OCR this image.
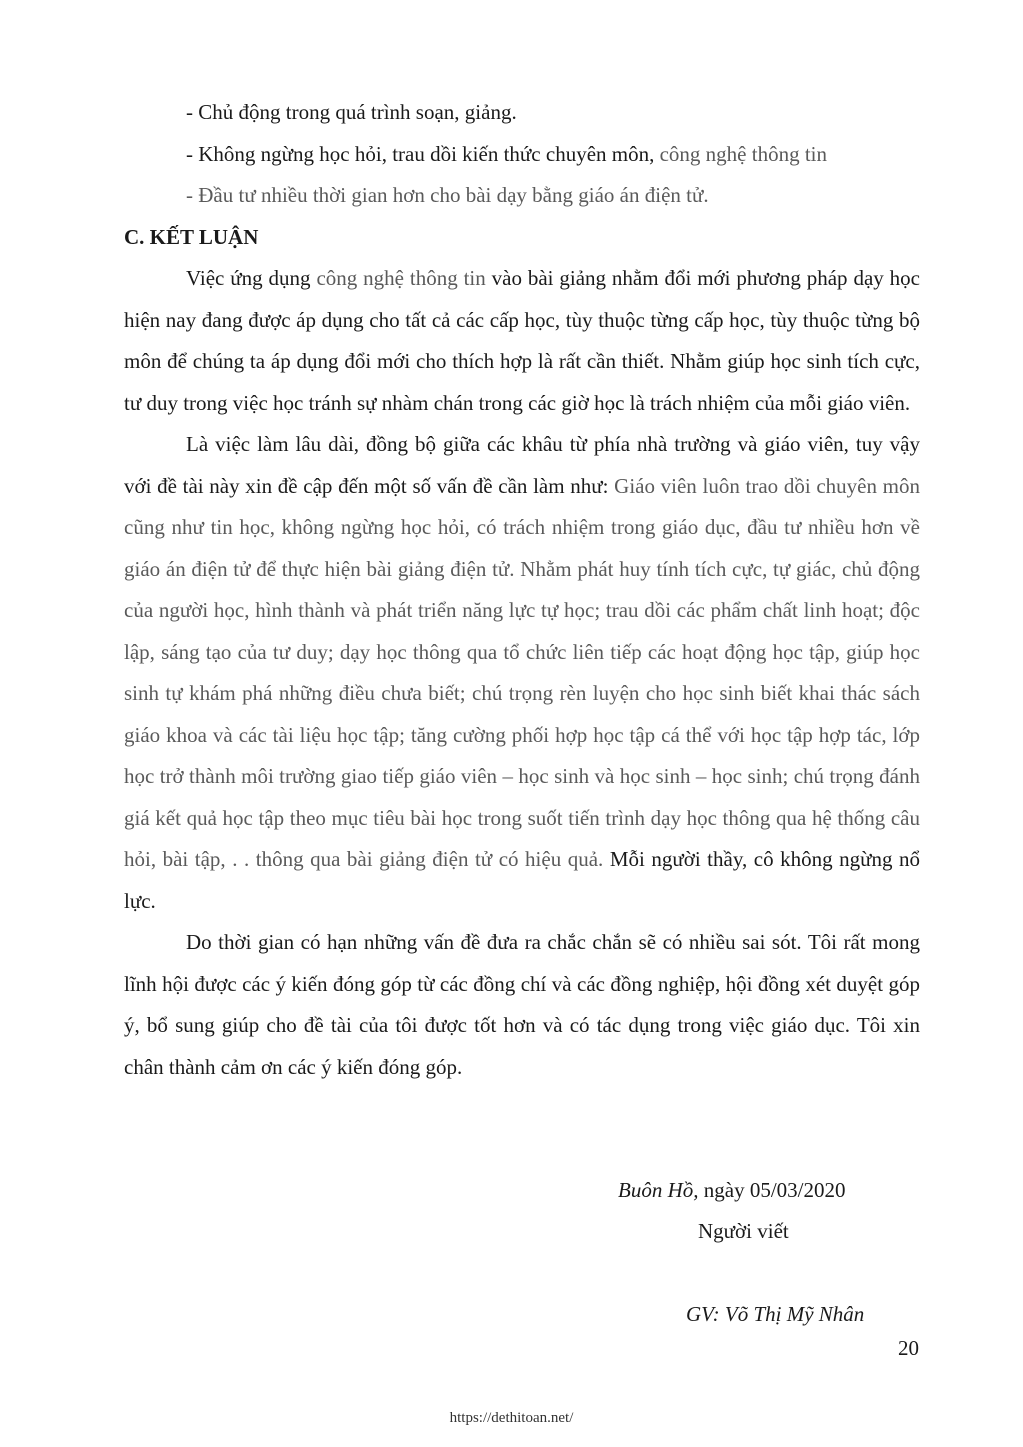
- Chủ động trong quá trình soạn, giảng.

- Không ngừng học hỏi, trau dồi kiến thức chuyên môn, công nghệ thông tin

- Đầu tư nhiều thời gian hơn cho bài dạy bằng giáo án điện tử.

C. KẾT LUẬN

Việc ứng dụng công nghệ thông tin vào bài giảng nhằm đổi mới phương pháp dạy học hiện nay đang được áp dụng cho tất cả các cấp học, tùy thuộc từng cấp học, tùy thuộc từng bộ môn để chúng ta áp dụng đổi mới cho thích hợp là rất cần thiết. Nhằm giúp học sinh tích cực, tư duy trong việc học tránh sự nhàm chán trong các giờ học là trách nhiệm của mỗi giáo viên.

Là việc làm lâu dài, đồng bộ giữa các khâu từ phía nhà trường và giáo viên, tuy vậy với đề tài này xin đề cập đến một số vấn đề cần làm như: Giáo viên luôn trao dồi chuyên môn cũng như tin học, không ngừng học hỏi, có trách nhiệm trong giáo dục, đầu tư nhiều hơn về giáo án điện tử để thực hiện bài giảng điện tử. Nhằm phát huy tính tích cực, tự giác, chủ động của người học, hình thành và phát triển năng lực tự học; trau dồi các phẩm chất linh hoạt; độc lập, sáng tạo của tư duy; dạy học thông qua tổ chức liên tiếp các hoạt động học tập, giúp học sinh tự khám phá những điều chưa biết; chú trọng rèn luyện cho học sinh biết khai thác sách giáo khoa và các tài liệu học tập; tăng cường phối hợp học tập cá thể với học tập hợp tác, lớp học trở thành môi trường giao tiếp giáo viên – học sinh và học sinh – học sinh; chú trọng đánh giá kết quả học tập theo mục tiêu bài học trong suốt tiến trình dạy học thông qua hệ thống câu hỏi, bài tập, . . thông qua bài giảng điện tử có hiệu quả. Mỗi người thầy, cô không ngừng nổ lực.

Do thời gian có hạn những vấn đề đưa ra chắc chắn sẽ có nhiều sai sót. Tôi rất mong lĩnh hội được các ý kiến đóng góp từ các đồng chí và các đồng nghiệp, hội đồng xét duyệt góp ý, bổ sung giúp cho đề tài của tôi được tốt hơn và có tác dụng trong việc giáo dục. Tôi xin chân thành cảm ơn các ý kiến đóng góp.

Buôn Hồ, ngày 05/03/2020
Người viết
GV: Võ Thị Mỹ Nhân
20
https://dethitoan.net/
